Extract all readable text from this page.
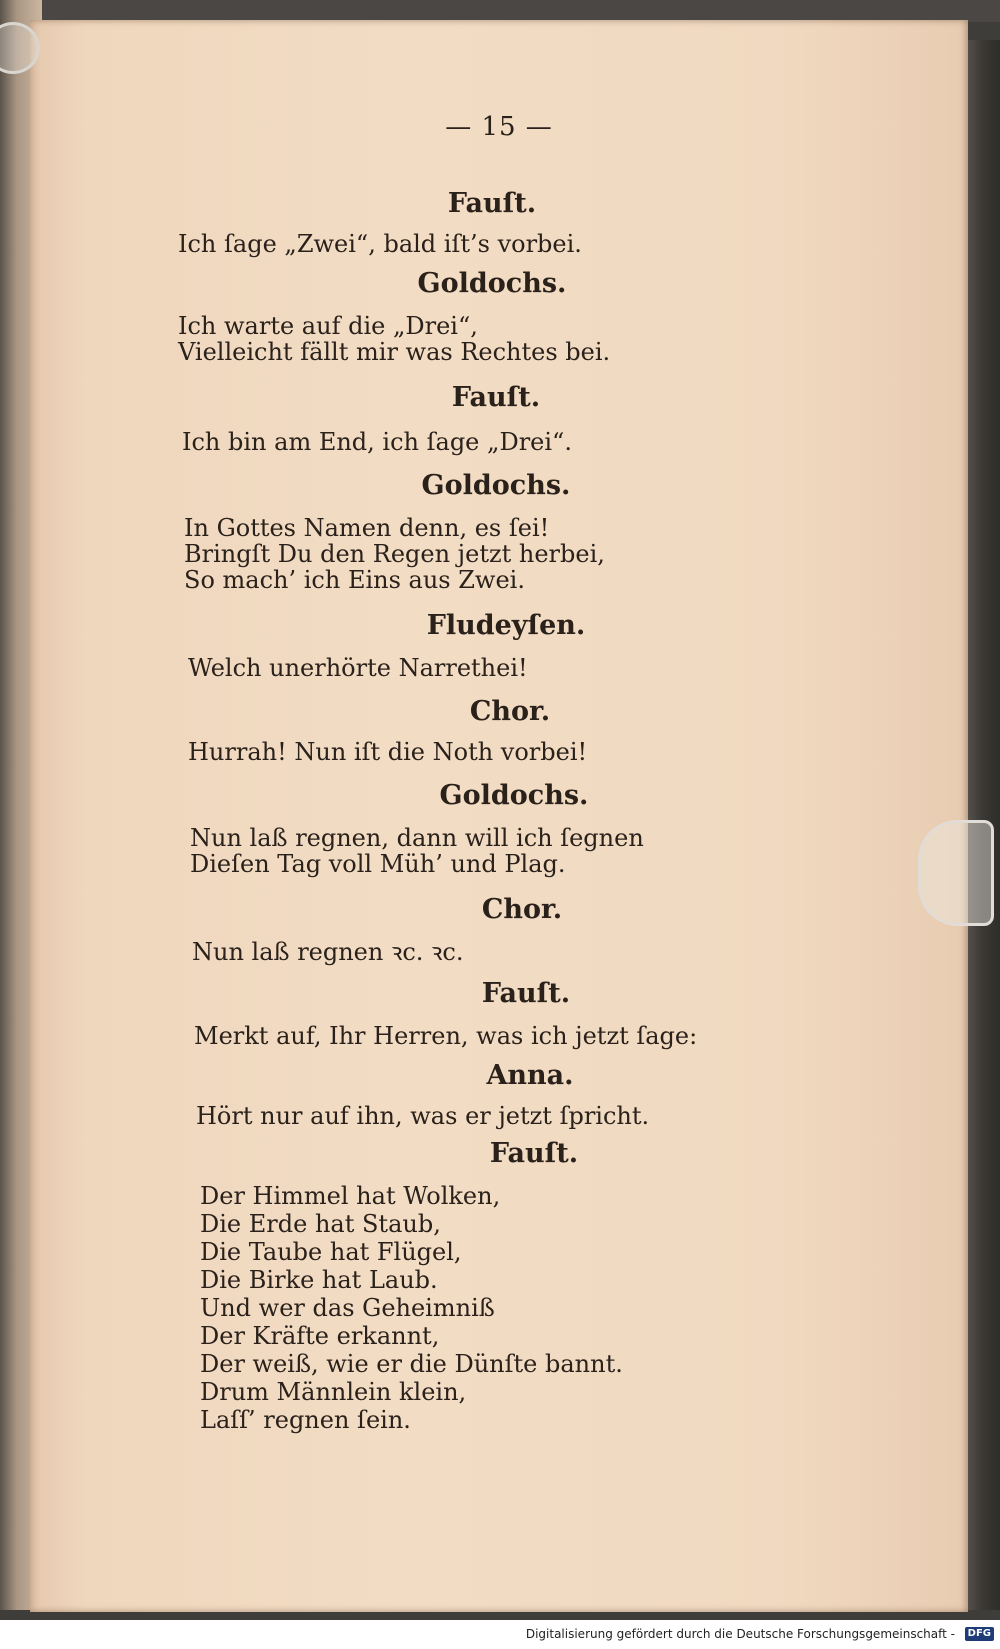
— 15 —
Fauſt.
Ich ſage „Zwei“, bald iſt’s vorbei.
Goldochs.
Ich warte auf die „Drei“,
Vielleicht fällt mir was Rechtes bei.
Fauſt.
Ich bin am End, ich ſage „Drei“.
Goldochs.
In Gottes Namen denn, es ſei!
Bringſt Du den Regen jetzt herbei,
So mach’ ich Eins aus Zwei.
Fludeyſen.
Welch unerhörte Narrethei!
Chor.
Hurrah! Nun iſt die Noth vorbei!
Goldochs.
Nun laß regnen, dann will ich ſegnen
Dieſen Tag voll Müh’ und Plag.
Chor.
Nun laß regnen ꝛc. ꝛc.
Fauſt.
Merkt auf, Ihr Herren, was ich jetzt ſage:
Anna.
Hört nur auf ihn, was er jetzt ſpricht.
Fauſt.
Der Himmel hat Wolken,
Die Erde hat Staub,
Die Taube hat Flügel,
Die Birke hat Laub.
Und wer das Geheimniß
Der Kräfte erkannt,
Der weiß, wie er die Dünſte bannt.
Drum Männlein klein,
Laſſ’ regnen ſein.
Digitalisierung gefördert durch die Deutsche Forschungsgemeinschaft -	DFG
